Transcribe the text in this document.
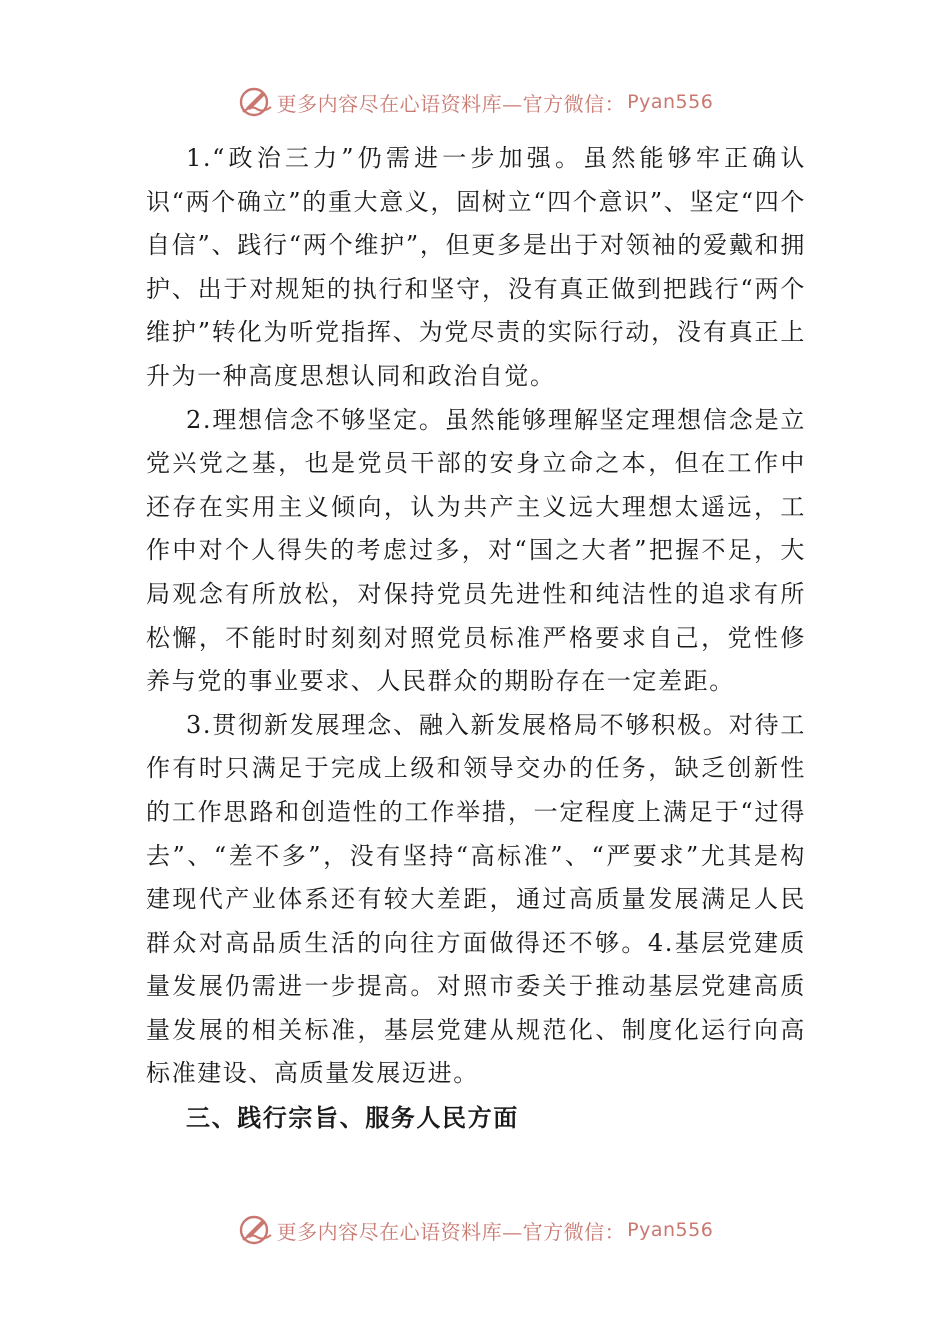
更多内容尽在心语资料库—官方微信： Pyan556

1.“政治三力”仍需进一步加强。虽然能够牢正确认识“两个确立”的重大意义，固树立“四个意识”、坚定“四个自信”、践行“两个维护”，但更多是出于对领袖的爱戴和拥护、出于对规矩的执行和坚守，没有真正做到把践行“两个维护”转化为听党指挥、为党尽责的实际行动，没有真正上升为一种高度思想认同和政治自觉。

2.理想信念不够坚定。虽然能够理解坚定理想信念是立党兴党之基，也是党员干部的安身立命之本，但在工作中还存在实用主义倾向，认为共产主义远大理想太遥远，工作中对个人得失的考虑过多，对“国之大者”把握不足，大局观念有所放松，对保持党员先进性和纯洁性的追求有所松懈，不能时时刻刻对照党员标准严格要求自己，党性修养与党的事业要求、人民群众的期盼存在一定差距。

3.贯彻新发展理念、融入新发展格局不够积极。对待工作有时只满足于完成上级和领导交办的任务，缺乏创新性的工作思路和创造性的工作举措，一定程度上满足于“过得去”、“差不多”，没有坚持“高标准”、“严要求”尤其是构建现代产业体系还有较大差距，通过高质量发展满足人民群众对高品质生活的向往方面做得还不够。4.基层党建质量发展仍需进一步提高。对照市委关于推动基层党建高质量发展的相关标准，基层党建从规范化、制度化运行向高标准建设、高质量发展迈进。

三、践行宗旨、服务人民方面

更多内容尽在心语资料库—官方微信： Pyan556
